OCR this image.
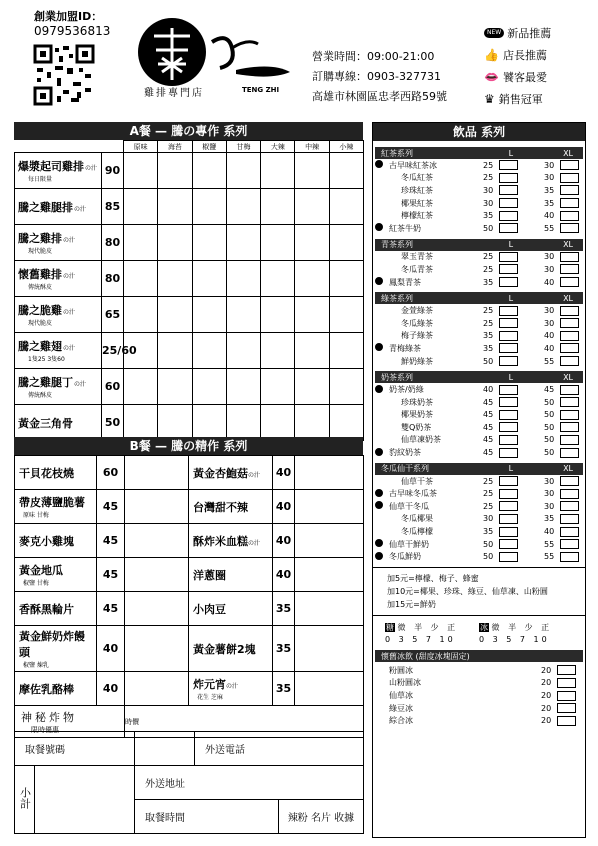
創業加盟ID：
0979536813
TENG ZHI
雞排專門店
營業時間：09:00-21:00
訂購專線：0903-327731
高雄市林園區忠孝西路59號
NEW 新品推薦
👍 店長推薦
👄 饕客最愛
♛ 銷售冠軍
A餐 — 騰の專作 系列
		原味	海苔	椒鹽	甘梅	大辣	中辣	小辣
爆漿起司雞排の汁
每日限量	90							
騰之雞腿排の汁	85							
騰之雞排の汁
現代脆皮	80							
懷舊雞排の汁
傳統酥皮	80							
騰之脆雞の汁
現代脆皮	65							
騰之雞翅の汁
1隻25 3隻60	25/60							
騰之雞腿丁の汁
傳統酥皮	60							
黃金三角骨	50							
B餐 — 騰の精作 系列
干貝花枝燒	60		黃金杏鮑菇の汁	40	
帶皮薄鹽脆薯
原味 甘梅	45		台灣甜不辣	40	
麥克小雞塊	45		酥炸米血糕の汁	40	
黃金地瓜
椒鹽 甘梅	45		洋蔥圈	40	
香酥黑輪片	45		小肉豆	35	
黃金鮮奶炸饅頭
椒鹽 煉乳	40		黃金薯餅2塊	35	
摩佐乳酪棒	40		炸元宵の汁
花生 芝麻	35	
神秘炸物
限時優惠		時價			
取餐號碼			外送電話	
小計		外送地址		
		取餐時間		辣粉 名片 收據
飲品 系列
紅茶系列	L	XL
古早味紅茶冰	25	30
冬瓜紅茶	25	30
珍珠紅茶	30	35
椰果紅茶	30	35
檸檬紅茶	35	40
紅茶牛奶	50	55
青茶系列	L	XL
翠玉青茶	25	30
冬瓜青茶	25	30
鳳梨青茶	35	40
綠茶系列	L	XL
金萱綠茶	25	30
冬瓜綠茶	25	30
梅子綠茶	35	40
青梅綠茶	35	40
鮮奶綠茶	50	55
奶茶系列	L	XL
奶茶/奶綠	40	45
珍珠奶茶	45	50
椰果奶茶	45	50
雙Q奶茶	45	50
仙草凍奶茶	45	50
豹紋奶茶	45	50
冬瓜仙干系列	L	XL
仙草干茶	25	30
古早味冬瓜茶	25	30
仙草干冬瓜	25	30
冬瓜椰果	30	35
冬瓜檸檬	35	40
仙草干鮮奶	50	55
冬瓜鮮奶	50	55
加5元=檸檬、梅子、蜂蜜
加10元=椰果、珍珠、綠豆、仙草凍、山粉圓
加15元=鮮奶
糖 微 半 少 正
0 3 5 7 10
冰 微 半 少 正
0 3 5 7 10
懷舊冰飲
(甜度冰塊固定)
粉圓冰	20
山粉圓冰	20
仙草冰	20
綠豆冰	20
綜合冰	20
